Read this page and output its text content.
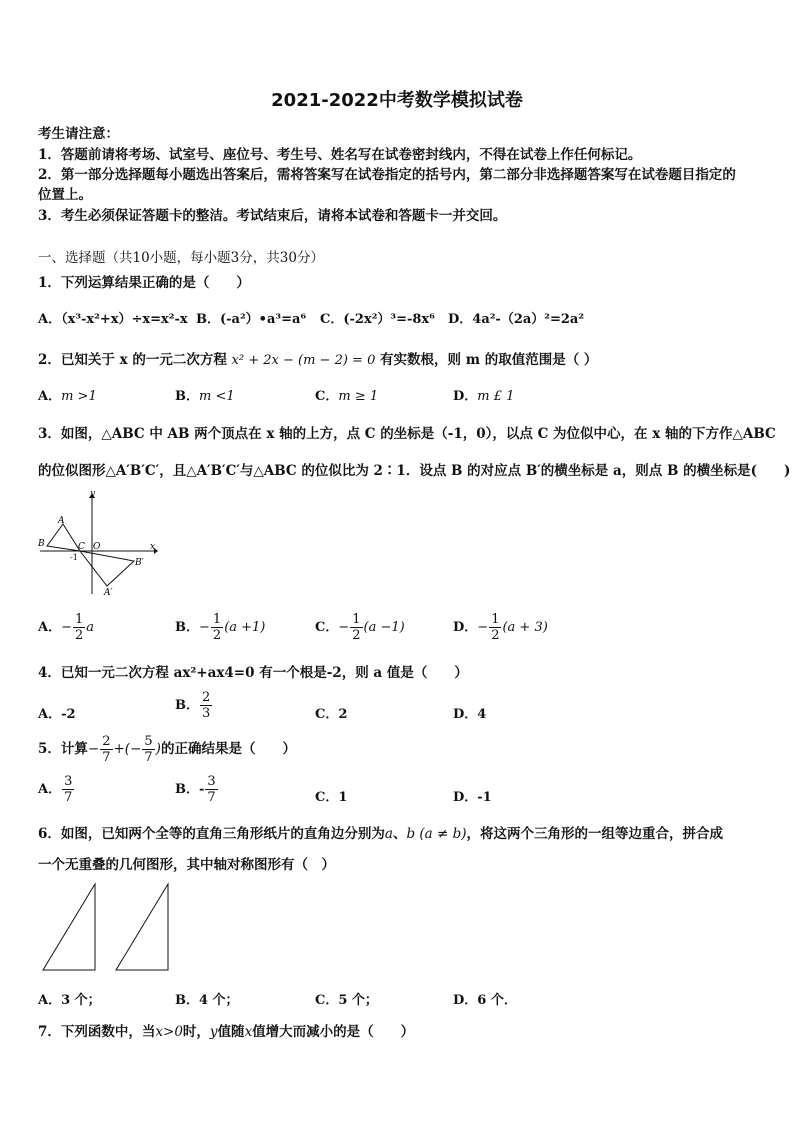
2021-2022中考数学模拟试卷
考生请注意：
1．答题前请将考场、试室号、座位号、考生号、姓名写在试卷密封线内，不得在试卷上作任何标记。
2．第一部分选择题每小题选出答案后，需将答案写在试卷指定的括号内，第二部分非选择题答案写在试卷题目指定的
位置上。
3．考生必须保证答题卡的整洁。考试结束后，请将本试卷和答题卡一并交回。
一、选择题（共10小题，每小题3分，共30分）
1．下列运算结果正确的是（　　）
A．（x³-x²+x）÷x=x²-x B．(-a²）•a³=a⁶ C．(-2x²）³=-8x⁶ D．4a²-（2a）²=2a²
2．已知关于 x 的一元二次方程 x² + 2x − (m − 2) = 0 有实数根，则 m 的取值范围是（ ）
A．m >1	B．m <1	C．m ≥ 1	D．m £ 1
3．如图，△ABC 中 AB 两个顶点在 x 轴的上方，点 C 的坐标是（-1，0），以点 C 为位似中心，在 x 轴的下方作△ABC
的位似图形△A′B′C′，且△A′B′C′与△ABC 的位似比为 2∶1．设点 B 的对应点 B′的横坐标是 a，则点 B 的横坐标是(　　)
y
x
A
B	C O
-1
B′
A′
A．− $\frac{1}{2}$ a	B．− $\frac{1}{2} (a +1)$	C．− $\frac{1}{2} (a -1)$	D．− $\frac{1}{2} (a + 3)$
4．已知一元二次方程 ax²+ax4=0 有一个根是-2，则 a 值是（　　）
A．-2
B． $\frac{2}{3}$	C．2	D．4
5．计算− $\frac{2}{7}$ +(− $\frac{5}{7}$ )的正确结果是（　　）
A． $\frac{3}{7}$	B．- $\frac{3}{7}$	C．1	D．-1
6．如图，已知两个全等的直角三角形纸片的直角边分别为a、b (a ≠ b)，将这两个三角形的一组等边重合，拼合成
一个无重叠的几何图形，其中轴对称图形有（　）
A．3 个；	B．4 个；	C．5 个；	D．6 个．
7．下列函数中，当x>0时，y值随x值增大而减小的是（　　）
